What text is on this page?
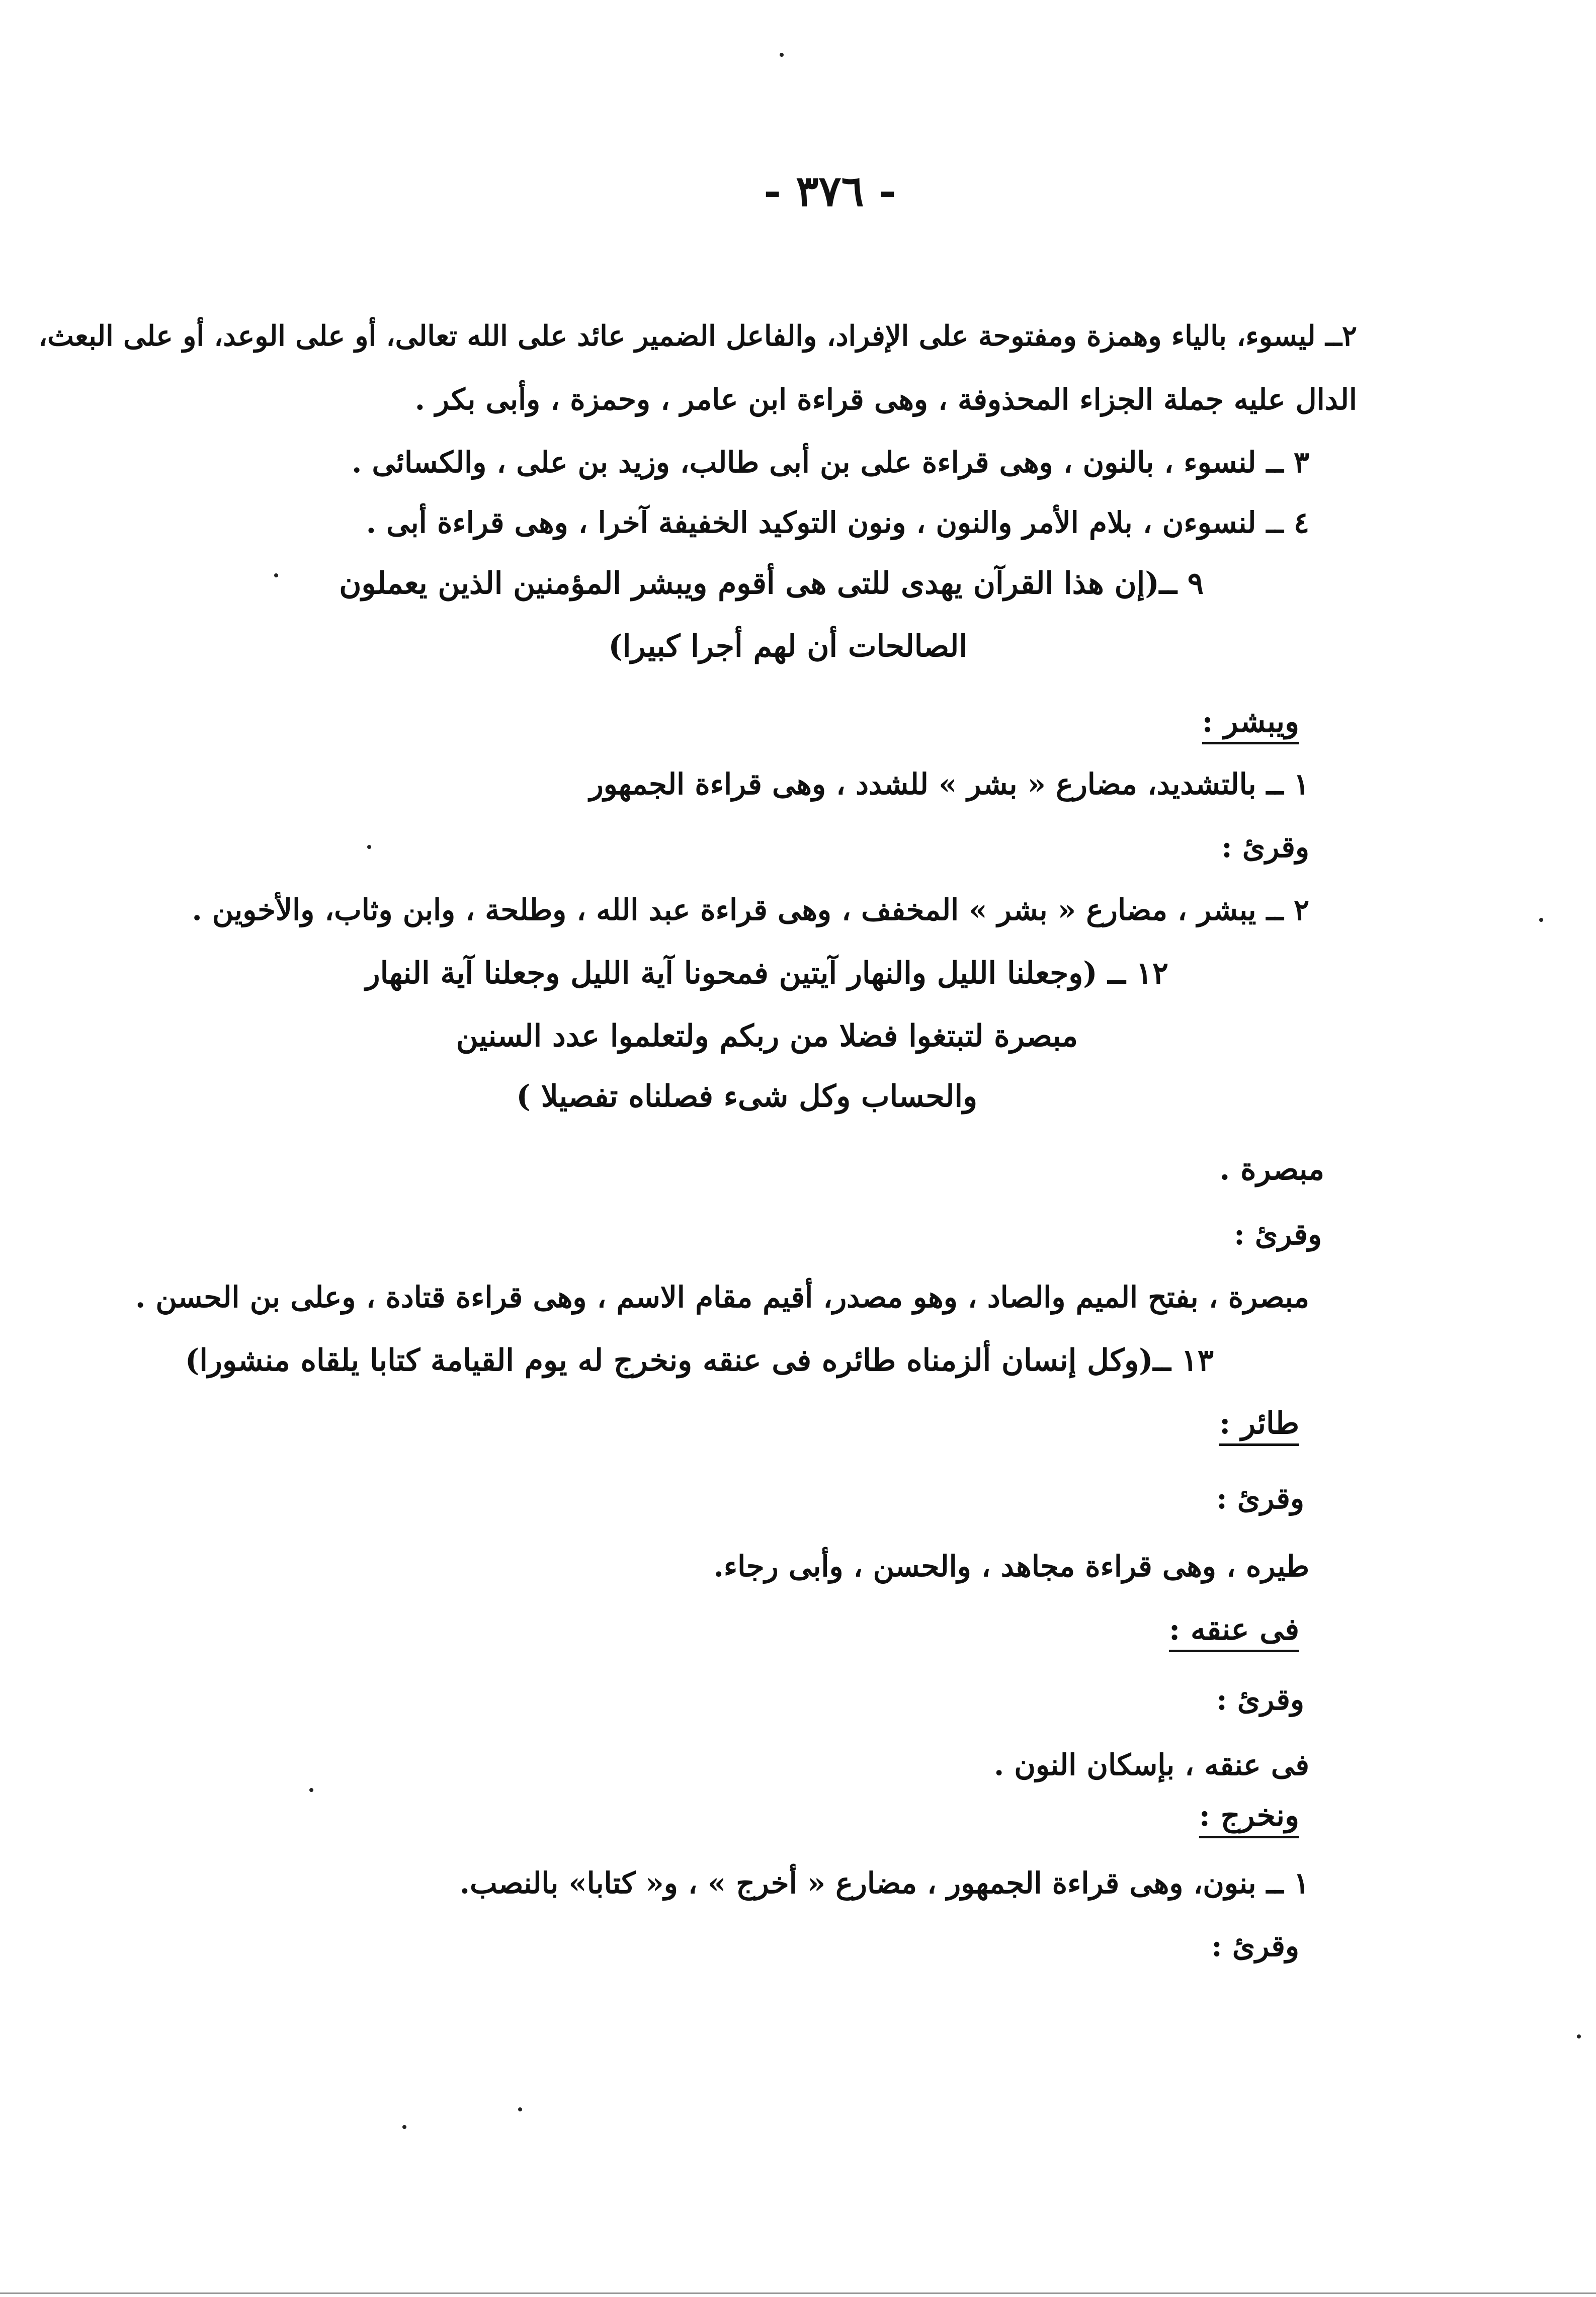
- ٣٧٦ -
٢ــ ليسوء، بالياء وهمزة ومفتوحة على الإفراد، والفاعل الضمير عائد على الله تعالى، أو على الوعد، أو على البعث،
الدال عليه جملة الجزاء المحذوفة ، وهى قراءة ابن عامر ، وحمزة ، وأبى بكر .
٣ ــ لنسوء ، بالنون ، وهى قراءة على بن أبى طالب، وزيد بن على ، والكسائى .
٤ ــ لنسوءن ، بلام الأمر والنون ، ونون التوكيد الخفيفة آخرا ، وهى قراءة أبى .
٩ ــ(إن هذا القرآن يهدى للتى هى أقوم ويبشر المؤمنين الذين يعملون
الصالحات أن لهم أجرا كبيرا)
ويبشر :
١ ــ بالتشديد، مضارع « بشر » للشدد ، وهى قراءة الجمهور
وقرئ :
٢ ــ يبشر ، مضارع « بشر » المخفف ، وهى قراءة عبد الله ، وطلحة ، وابن وثاب، والأخوين .
١٢ ــ (وجعلنا الليل والنهار آيتين فمحونا آية الليل وجعلنا آية النهار
مبصرة لتبتغوا فضلا من ربكم ولتعلموا عدد السنين
والحساب وكل شىء فصلناه تفصيلا )
مبصرة .
وقرئ :
مبصرة ، بفتح الميم والصاد ، وهو مصدر، أقيم مقام الاسم ، وهى قراءة قتادة ، وعلى بن الحسن .
١٣ ــ(وكل إنسان ألزمناه طائره فى عنقه ونخرج له يوم القيامة كتابا يلقاه منشورا)
طائر :
وقرئ :
طيره ، وهى قراءة مجاهد ، والحسن ، وأبى رجاء.
فى عنقه :
وقرئ :
فى عنقه ، بإسكان النون .
ونخرج :
١ ــ بنون، وهى قراءة الجمهور ، مضارع « أخرج » ، و« كتابا» بالنصب.
وقرئ :
